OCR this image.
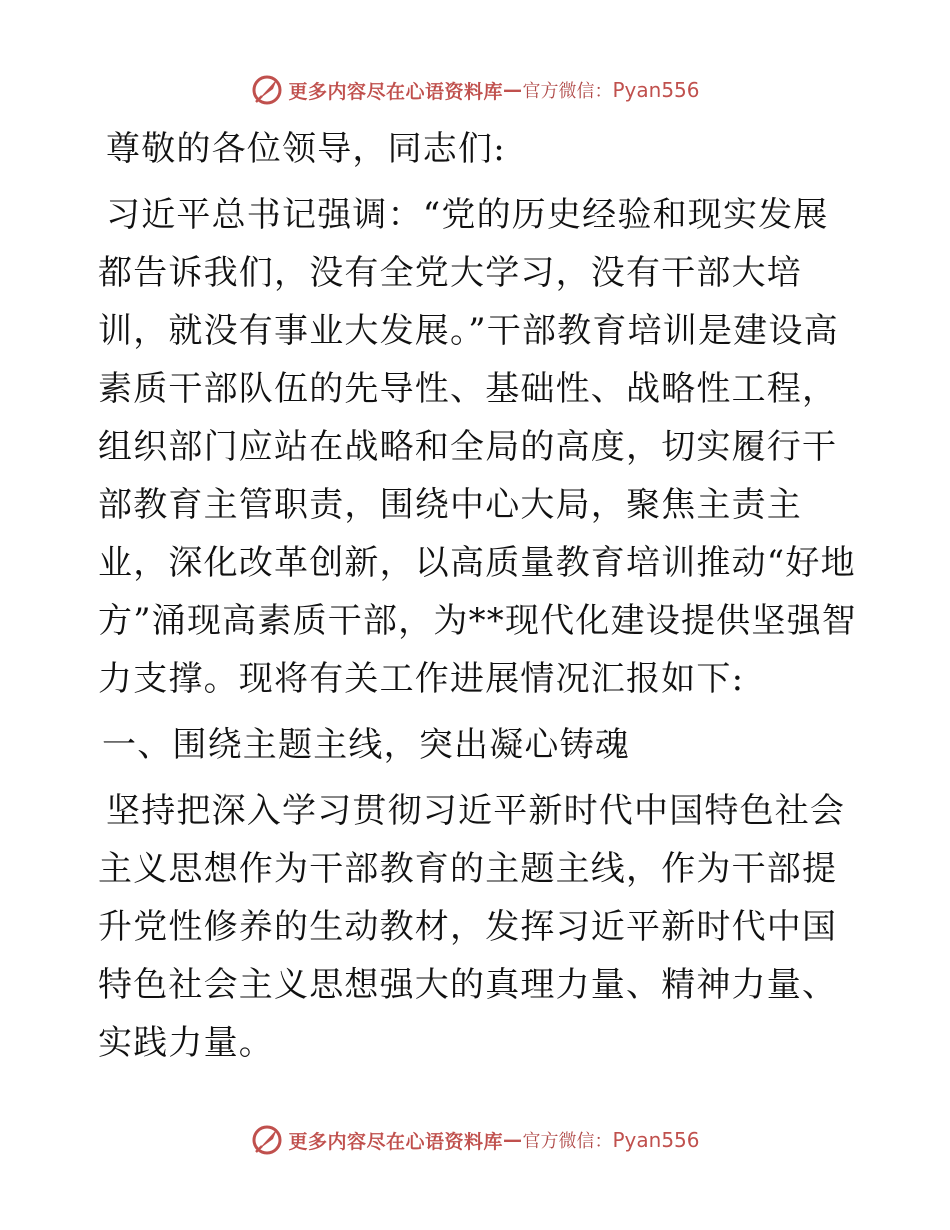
更多内容尽在心语资料库 — 官方微信： Pyan556

尊敬的各位领导，同志们:

习近平总书记强调：“党的历史经验和现实发展都告诉我们，没有全党大学习，没有干部大培训，就没有事业大发展。”干部教育培训是建设高素质干部队伍的先导性、基础性、战略性工程，组织部门应站在战略和全局的高度，切实履行干部教育主管职责，围绕中心大局，聚焦主责主业，深化改革创新，以高质量教育培训推动“好地方”涌现高素质干部，为**现代化建设提供坚强智力支撑。现将有关工作进展情况汇报如下:

一、围绕主题主线，突出凝心铸魂

坚持把深入学习贯彻习近平新时代中国特色社会主义思想作为干部教育的主题主线，作为干部提升党性修养的生动教材，发挥习近平新时代中国特色社会主义思想强大的真理力量、精神力量、实践力量。

更多内容尽在心语资料库 — 官方微信： Pyan556
